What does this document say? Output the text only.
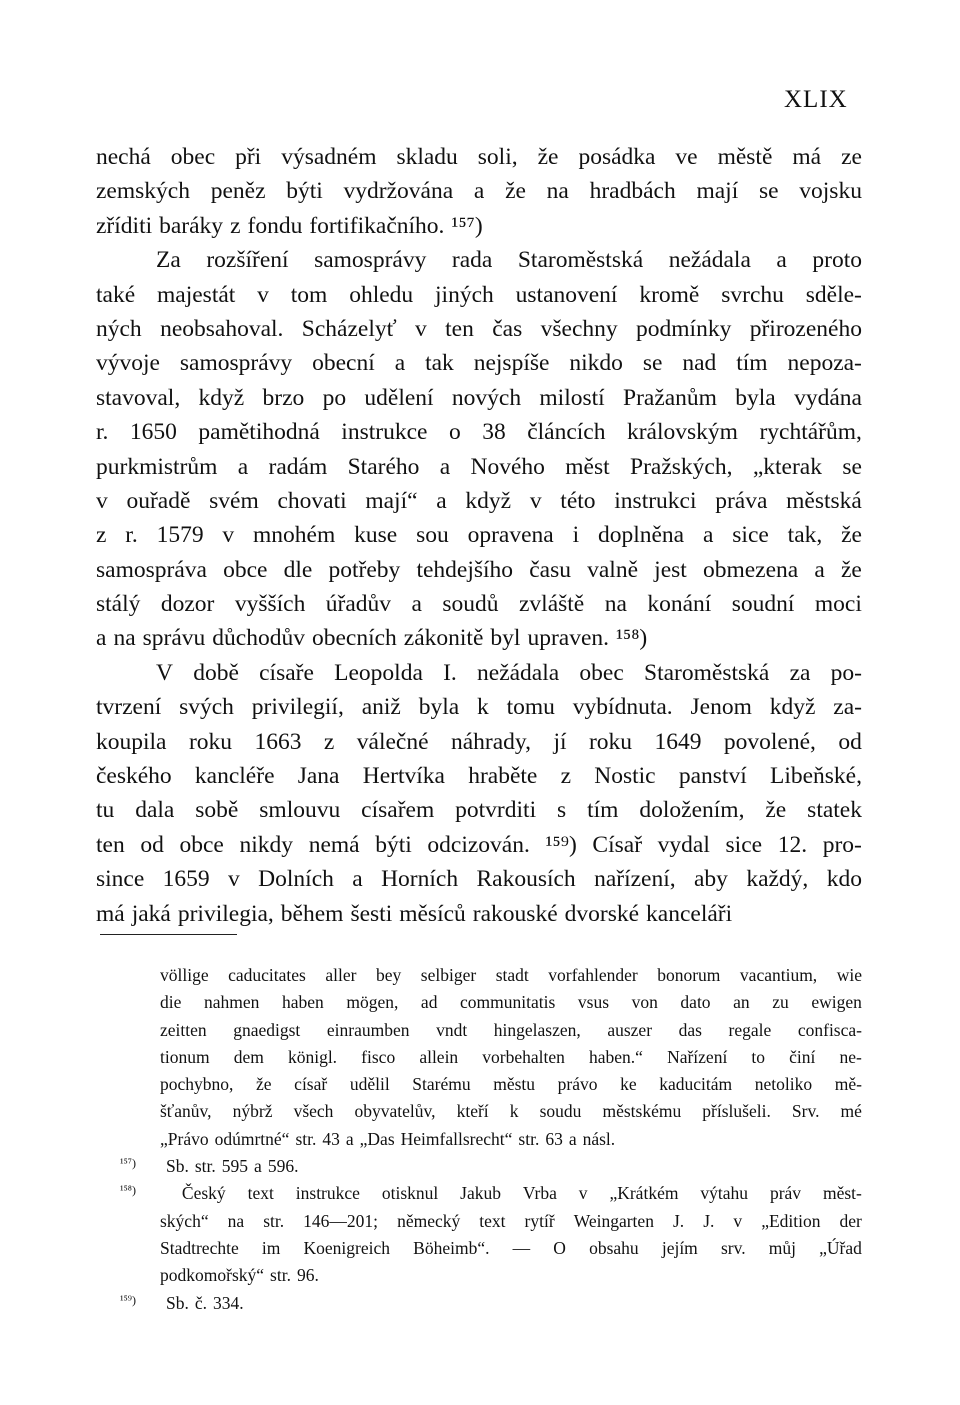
XLIX
nechá obec při výsadném skladu soli, že posádka ve městě má ze
zemských peněz býti vydržována a že na hradbách mají se vojsku
zříditi baráky z fondu fortifikačního. ¹⁵⁷)
Za rozšíření samosprávy rada Staroměstská nežádala a proto
také majestát v tom ohledu jiných ustanovení kromě svrchu sděle-
ných neobsahoval. Scházelyť v ten čas všechny podmínky přirozeného
vývoje samosprávy obecní a tak nejspíše nikdo se nad tím nepoza-
stavoval, když brzo po udělení nových milostí Pražanům byla vydána
r. 1650 pamětihodná instrukce o 38 článcích královským rychtářům,
purkmistrům a radám Starého a Nového měst Pražských, „kterak se
v ouřadě svém chovati mají“ a když v této instrukci práva městská
z r. 1579 v mnohém kuse sou opravena i doplněna a sice tak, že
samospráva obce dle potřeby tehdejšího času valně jest obmezena a že
stálý dozor vyšších úřadův a soudů zvláště na konání soudní moci
a na správu důchodův obecních zákonitě byl upraven. ¹⁵⁸)
V době císaře Leopolda I. nežádala obec Staroměstská za po-
tvrzení svých privilegií, aniž byla k tomu vybídnuta. Jenom když za-
koupila roku 1663 z válečné náhrady, jí roku 1649 povolené, od
českého kancléře Jana Hertvíka hraběte z Nostic panství Libeňské,
tu dala sobě smlouvu císařem potvrditi s tím doložením, že statek
ten od obce nikdy nemá býti odcizován. ¹⁵⁹) Císař vydal sice 12. pro-
since 1659 v Dolních a Horních Rakousích nařízení, aby každý, kdo
má jaká privilegia, během šesti měsíců rakouské dvorské kanceláři
völlige caducitates aller bey selbiger stadt vorfahlender bonorum vacantium, wie
die nahmen haben mögen, ad communitatis vsus von dato an zu ewigen
zeitten gnaedigst einraumben vndt hingelaszen, auszer das regale confisca-
tionum dem königl. fisco allein vorbehalten haben.“ Nařízení to činí ne-
pochybno, že císař udělil Starému městu právo ke kaducitám netoliko mě-
šťanův, nýbrž všech obyvatelův, kteří k soudu městskému příslušeli. Srv. mé
„Právo odúmrtné“ str. 43 a „Das Heimfallsrecht“ str. 63 a násl.
¹⁵⁷)	Sb. str. 595 a 596.
¹⁵⁸)	Český text instrukce otisknul Jakub Vrba v „Krátkém výtahu práv měst-
ských“ na str. 146—201; německý text rytíř Weingarten J. J. v „Edition der
Stadtrechte im Koenigreich Böheimb“. — O obsahu jejím srv. můj „Úřad
podkomořský“ str. 96.
¹⁵⁹)	Sb. č. 334.
